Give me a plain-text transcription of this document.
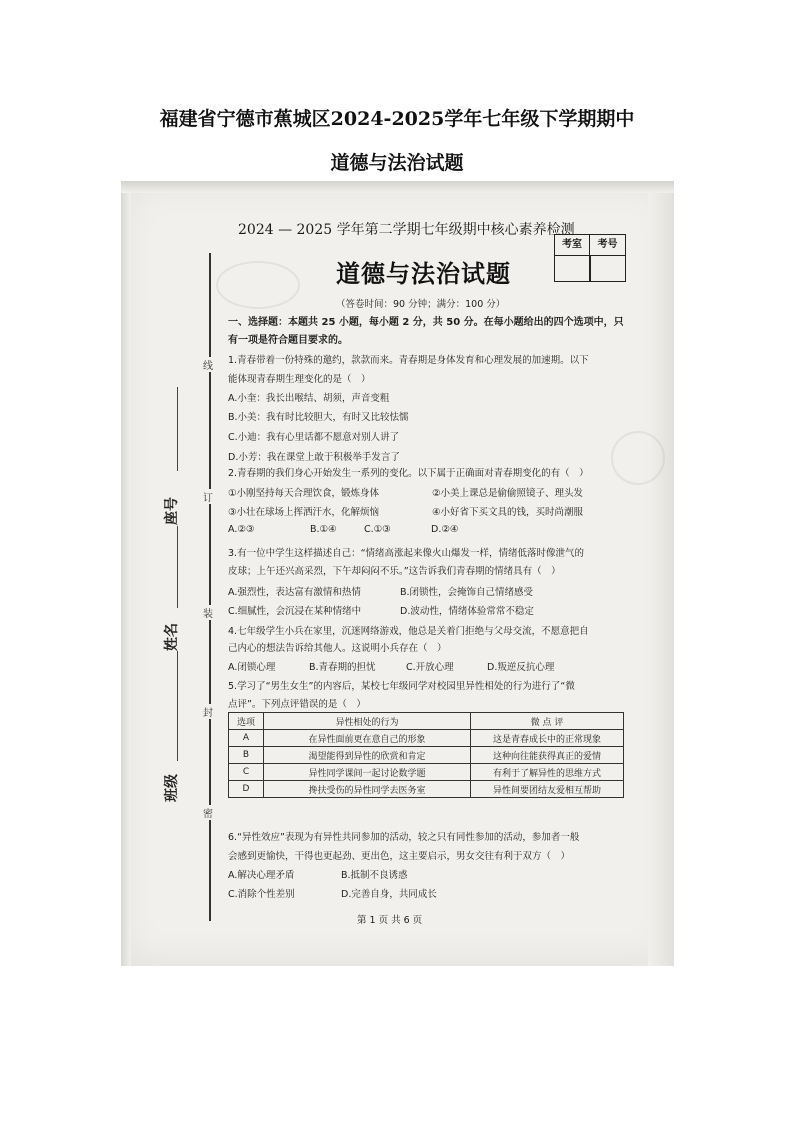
福建省宁德市蕉城区2024-2025学年七年级下学期期中
道德与法治试题
2024 — 2025 学年第二学期七年级期中核心素养检测
道德与法治试题
考室	考号
线
订
装
封
密
座号
姓名
班级
（答卷时间：90 分钟；满分：100 分）
一、选择题：本题共 25 小题，每小题 2 分，共 50 分。在每小题给出的四个选项中，只
有一项是符合题目要求的。
1.青春带着一份特殊的邀约，款款而来。青春期是身体发育和心理发展的加速期。以下
能体现青春期生理变化的是（　）
A.小奎：我长出喉结、胡须，声音变粗
B.小美：我有时比较胆大，有时又比较怯懦
C.小迪：我有心里话都不愿意对别人讲了
D.小芳：我在课堂上敢于积极举手发言了
2.青春期的我们身心开始发生一系列的变化。以下属于正确面对青春期变化的有（　）
①小刚坚持每天合理饮食，锻炼身体	②小美上课总是偷偷照镜子、理头发
③小壮在球场上挥洒汗水，化解烦恼	④小好省下买文具的钱，买时尚潮服
A.②③	B.①④	C.①③	D.②④
3.有一位中学生这样描述自己：“情绪高涨起来像火山爆发一样，情绪低落时像泄气的
皮球；上午还兴高采烈，下午却闷闷不乐。”这告诉我们青春期的情绪具有（　）
A.强烈性，表达富有激情和热情	B.闭锁性，会掩饰自己情绪感受
C.细腻性，会沉浸在某种情绪中	D.波动性，情绪体验常常不稳定
4.七年级学生小兵在家里，沉迷网络游戏，他总是关着门拒绝与父母交流，不愿意把自
己内心的想法告诉给其他人。这说明小兵存在（　）
A.闭锁心理	B.青春期的担忧	C.开放心理	D.叛逆反抗心理
5.学习了“男生女生”的内容后，某校七年级同学对校园里异性相处的行为进行了“微
点评”。下列点评错误的是（　）
选项	异性相处的行为	微 点 评
A	在异性面前更在意自己的形象	这是青春成长中的正常现象
B	渴望能得到异性的欣赏和肯定	这种向往能获得真正的爱情
C	异性同学课间一起讨论数学题	有利于了解异性的思维方式
D	搀扶受伤的异性同学去医务室	异性间要团结友爱相互帮助
6.“异性效应”表现为有异性共同参加的活动，较之只有同性参加的活动，参加者一般
会感到更愉快，干得也更起劲、更出色，这主要启示，男女交往有利于双方（　）
A.解决心理矛盾	B.抵制不良诱惑
C.消除个性差别	D.完善自身，共同成长
第 1 页 共 6 页
